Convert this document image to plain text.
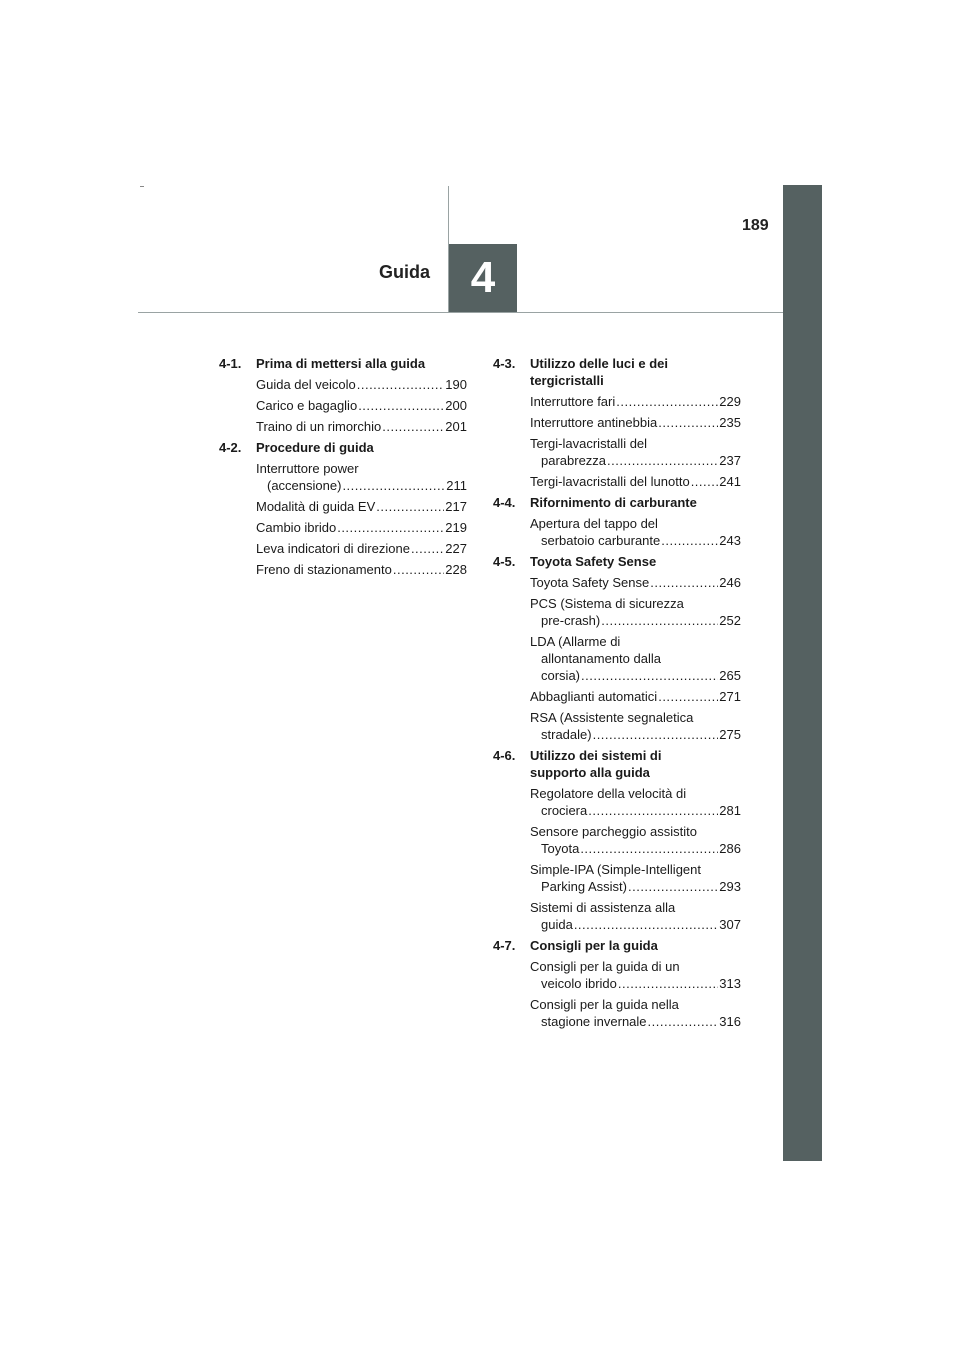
189
Guida 4
4-1.	Prima di mettersi alla guida
Guida del veicolo .....	190
Carico e bagaglio .....	200
Traino di un rimorchio .....	201
4-2.	Procedure di guida
Interruttore power
(accensione) .....	211
Modalità di guida EV .....	217
Cambio ibrido .....	219
Leva indicatori di direzione .....	227
Freno di stazionamento .....	228
4-3.	Utilizzo delle luci e dei tergicristalli
Interruttore fari .....	229
Interruttore antinebbia .....	235
Tergi-lavacristalli del
parabrezza .....	237
Tergi-lavacristalli del lunotto ..... 241
4-4.	Rifornimento di carburante
Apertura del tappo del
serbatoio carburante .....	243
4-5.	Toyota Safety Sense
Toyota Safety Sense .....	246
PCS (Sistema di sicurezza
pre-crash) .....	252
LDA (Allarme di
allontanamento dalla
corsia) .....	265
Abbaglianti automatici .....	271
RSA (Assistente segnaletica
stradale) .....	275
4-6.	Utilizzo dei sistemi di supporto alla guida
Regolatore della velocità di
crociera .....	281
Sensore parcheggio assistito
Toyota .....	286
Simple-IPA (Simple-Intelligent
Parking Assist) .....	293
Sistemi di assistenza alla
guida .....	307
4-7.	Consigli per la guida
Consigli per la guida di un
veicolo ibrido .....	313
Consigli per la guida nella
stagione invernale .....	316
